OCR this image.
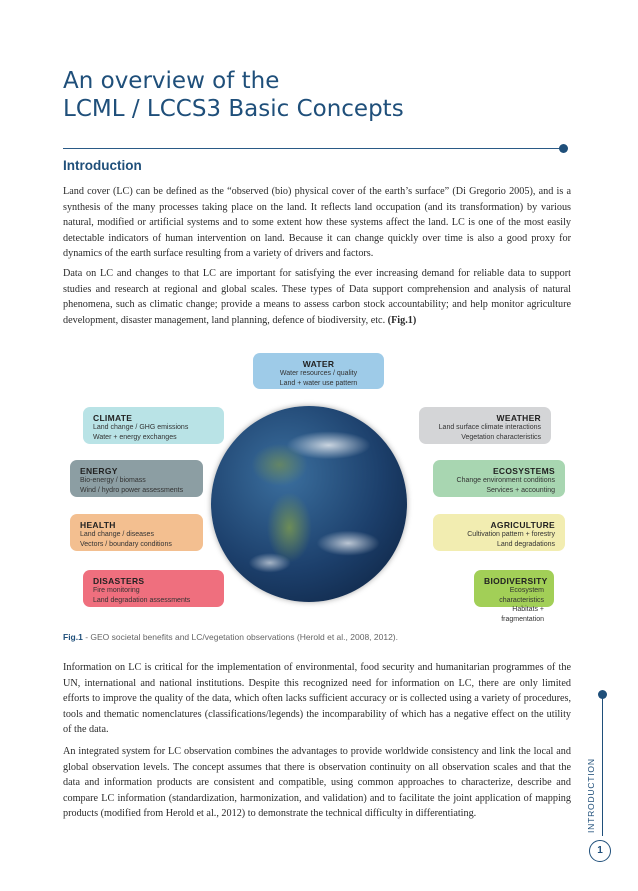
An overview of the
LCML / LCCS3 Basic Concepts
Introduction

Land cover (LC) can be defined as the “observed (bio) physical cover of the earth’s surface” (Di Gregorio 2005), and is a synthesis of the many processes taking place on the land. It reflects land occupation (and its transformation) by various natural, modified or artificial systems and to some extent how these systems affect the land. LC is one of the most easily detectable indicators of human intervention on land. Because it can change quickly over time is also a good proxy for dynamics of the earth surface resulting from a variety of drivers and factors.

Data on LC and changes to that LC are important for satisfying the ever increasing demand for reliable data to support studies and research at regional and global scales. These types of Data support comprehension and analysis of natural phenomena, such as climatic change; provide a means to assess carbon stock accountability; and help monitor agriculture development, disaster management, land planning, defence of biodiversity, etc. (Fig.1)

WATER
Water resources / quality
Land + water use pattern
CLIMATE
Land change / GHG emissions
Water + energy exchanges
WEATHER
Land surface climate interactions
Vegetation characteristics
ENERGY
Bio-energy / biomass
Wind / hydro power assessments
ECOSYSTEMS
Change environment conditions
Services + accounting
HEALTH
Land change / diseases
Vectors / boundary conditions
AGRICULTURE
Cultivation pattern + forestry
Land degradations
DISASTERS
Fire monitoring
Land degradation assessments
BIODIVERSITY
Ecosystem characteristics
Habitats + fragmentation

Fig.1 - GEO societal benefits and LC/vegetation observations (Herold et al., 2008, 2012).

Information on LC is critical for the implementation of environmental, food security and humanitarian programmes of the UN, international and national institutions. Despite this recognized need for information on LC, there are only limited efforts to improve the quality of the data, which often lacks sufficient accuracy or is collected using a variety of procedures, tools and thematic nomenclatures (classifications/legends) the incomparability of which has a negative effect on the utility of the data.

An integrated system for LC observation combines the advantages to provide worldwide consistency and link the local and global observation levels. The concept assumes that there is observation continuity on all observation scales and that the data and information products are consistent and compatible, using common approaches to characterize, describe and compare LC information (standardization, harmonization, and validation) and to facilitate the joint application of mapping products (modified from Herold et al., 2012) to demonstrate the technical difficulty in differentiating.	INTRODUCTION
1
